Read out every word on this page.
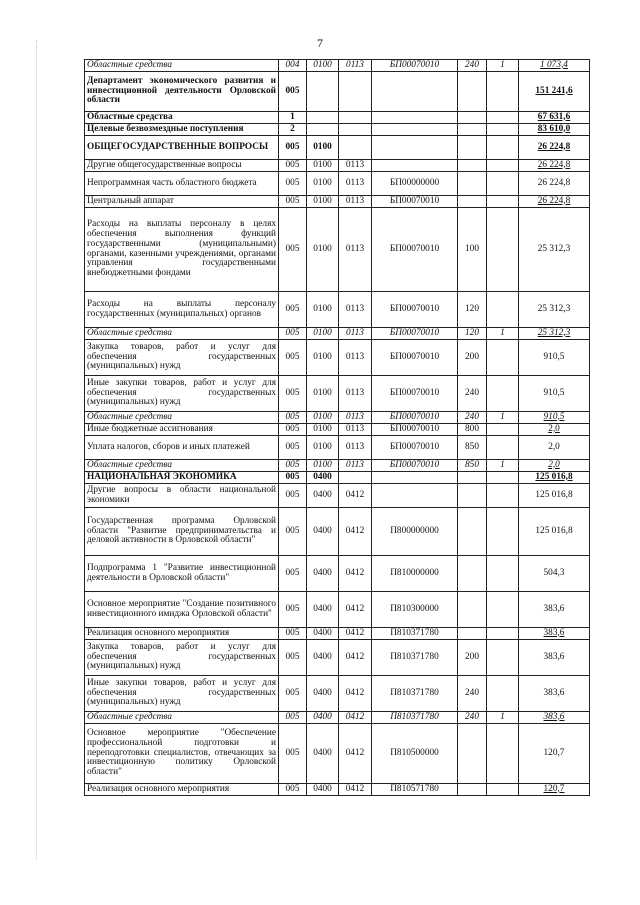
7
Областные средства	004	0100	0113	БП00070010	240	1	1 073,4
Департамент экономического развития и инвестиционной деятельности Орловской области	005						151 241,6
Областные средства	1						67 631,6
Целевые безвозмездные поступления	2						83 610,0
ОБЩЕГОСУДАРСТВЕННЫЕ ВОПРОСЫ	005	0100					26 224,8
Другие общегосударственные вопросы	005	0100	0113				26 224,8
Непрограммная часть областного бюджета	005	0100	0113	БП00000000			26 224,8
Центральный аппарат	005	0100	0113	БП00070010			26 224,8
Расходы на выплаты персоналу в целях обеспечения выполнения функций государственными (муниципальными) органами, казенными учреждениями, органами управления государственными внебюджетными фондами	005	0100	0113	БП00070010	100		25 312,3
Расходы на выплаты персоналу государственных (муниципальных) органов	005	0100	0113	БП00070010	120		25 312,3
Областные средства	005	0100	0113	БП00070010	120	1	25 312,3
Закупка товаров, работ и услуг для обеспечения государственных (муниципальных) нужд	005	0100	0113	БП00070010	200		910,5
Иные закупки товаров, работ и услуг для обеспечения государственных (муниципальных) нужд	005	0100	0113	БП00070010	240		910,5
Областные средства	005	0100	0113	БП00070010	240	1	910,5
Иные бюджетные ассигнования	005	0100	0113	БП00070010	800		2,0
Уплата налогов, сборов и иных платежей	005	0100	0113	БП00070010	850		2,0
Областные средства	005	0100	0113	БП00070010	850	1	2,0
НАЦИОНАЛЬНАЯ ЭКОНОМИКА	005	0400					125 016,8
Другие вопросы в области национальной экономики	005	0400	0412				125 016,8
Государственная программа Орловской области "Развитие предпринимательства и деловой активности в Орловской области"	005	0400	0412	П800000000			125 016,8
Подпрограмма 1 "Развитие инвестиционной деятельности в Орловской области"	005	0400	0412	П810000000			504,3
Основное мероприятие "Создание позитивного инвестиционного имиджа Орловской области"	005	0400	0412	П810300000			383,6
Реализация основного мероприятия	005	0400	0412	П810371780			383,6
Закупка товаров, работ и услуг для обеспечения государственных (муниципальных) нужд	005	0400	0412	П810371780	200		383,6
Иные закупки товаров, работ и услуг для обеспечения государственных (муниципальных) нужд	005	0400	0412	П810371780	240		383,6
Областные средства	005	0400	0412	П810371780	240	1	383,6
Основное мероприятие "Обеспечение профессиональной подготовки и переподготовки специалистов, отвечающих за инвестиционную политику Орловской области"	005	0400	0412	П810500000			120,7
Реализация основного мероприятия	005	0400	0412	П810571780			120,7
